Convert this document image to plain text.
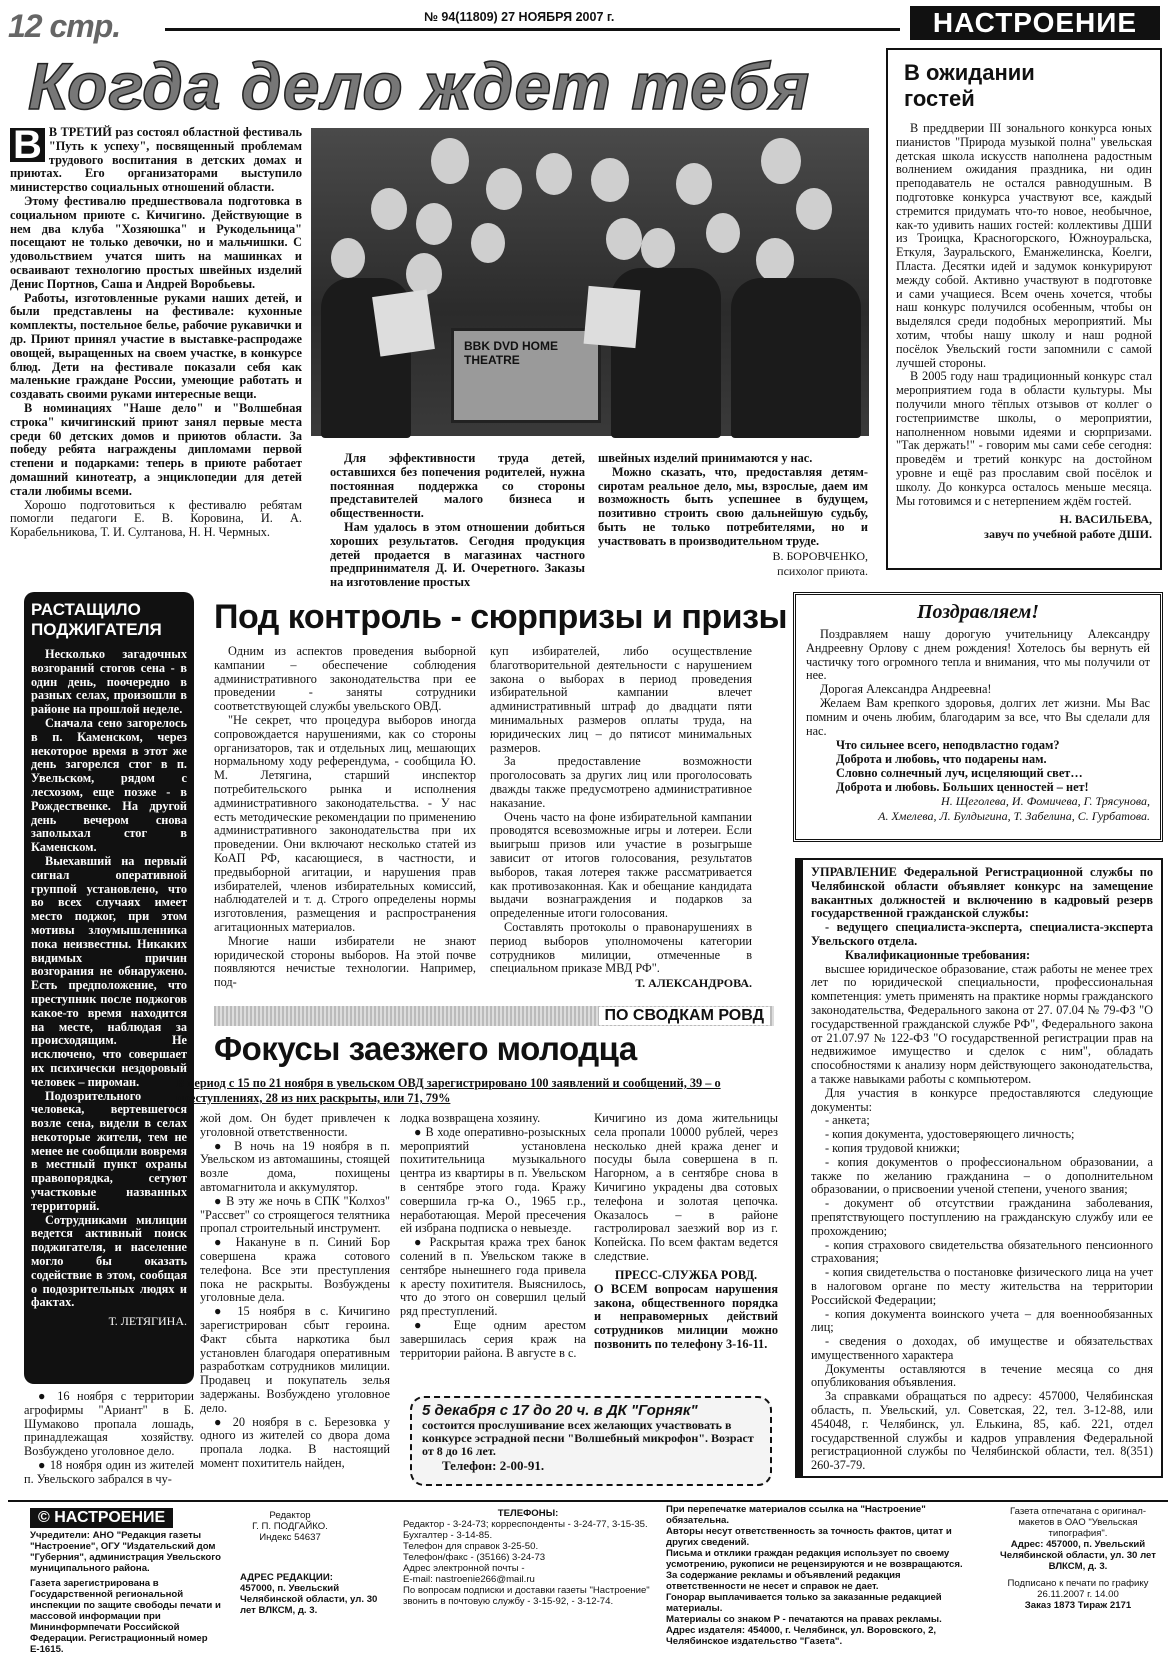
12 стр.	№ 94(11809) 27 НОЯБРЯ 2007 г.	НАСТРОЕНИЕ
Когда дело ждет тебя
В В ТРЕТИЙ раз состоял областной фестиваль "Путь к успеху", посвященный проблемам трудового воспитания в детских домах и приютах. Его организаторами выступило министерство социальных отношений области.

Этому фестивалю предшествовала подготовка в социальном приюте с. Кичигино. Действующие в нем два клуба "Хозяюшка" и Рукодельница" посещают не только девочки, но и мальчишки. С удовольствием учатся шить на машинках и осваивают технологию простых швейных изделий Денис Портнов, Саша и Андрей Воробьевы.

Работы, изготовленные руками наших детей, и были представлены на фестивале: кухонные комплекты, постельное белье, рабочие рукавички и др. Приют принял участие в выставке-распродаже овощей, выращенных на своем участке, в конкурсе блюд. Дети на фестивале показали себя как маленькие граждане России, умеющие работать и создавать своими руками интересные вещи.

В номинациях "Наше дело" и "Волшебная строка" кичигинский приют занял первые места среди 60 детских домов и приютов области. За победу ребята награждены дипломами первой степени и подарками: теперь в приюте работает домашний кинотеатр, а энциклопедии для детей стали любимы всеми.

Хорошо подготовиться к фестивалю ребятам помогли педагоги Е. В. Коровина, И. А. Корабельникова, Т. И. Султанова, Н. Н. Чермных.

BBK DVD HOME THEATRE

Для эффективности труда детей, оставшихся без попечения родителей, нужна постоянная поддержка со стороны представителей малого бизнеса и общественности.

Нам удалось в этом отношении добиться хороших результатов. Сегодня продукция детей продается в магазинах частного предпринимателя Д. И. Очеретного. Заказы на изготовление простых

швейных изделий принимаются у нас.

Можно сказать, что, предоставляя детям-сиротам реальное дело, мы, взрослые, даем им возможность быть успешнее в будущем, позитивно строить свою дальнейшую судьбу, быть не только потребителями, но и участвовать в производительном труде.

В. БОРОВЧЕНКО,
психолог приюта.
В ожидании гостей

В преддверии III зонального конкурса юных пианистов "Природа музыкой полна" увельская детская школа искусств наполнена радостным волнением ожидания праздника, ни один преподаватель не остался равнодушным. В подготовке конкурса участвуют все, каждый стремится придумать что-то новое, необычное, как-то удивить наших гостей: коллективы ДШИ из Троицка, Красногорского, Южноуральска, Еткуля, Зауральского, Еманжелинска, Коелги, Пласта. Десятки идей и задумок конкурируют между собой. Активно участвуют в подготовке и сами учащиеся. Всем очень хочется, чтобы наш конкурс получился особенным, чтобы он выделялся среди подобных мероприятий. Мы хотим, чтобы нашу школу и наш родной посёлок Увельский гости запомнили с самой лучшей стороны.

В 2005 году наш традиционный конкурс стал мероприятием года в области культуры. Мы получили много тёплых отзывов от коллег о гостеприимстве школы, о мероприятии, наполненном новыми идеями и сюрпризами. "Так держать!" - говорим мы сами себе сегодня: проведём и третий конкурс на достойном уровне и ещё раз прославим свой посёлок и школу. До конкурса осталось меньше месяца. Мы готовимся и с нетерпением ждём гостей.

Н. ВАСИЛЬЕВА,
завуч по учебной работе ДШИ.
РАСТАЩИЛО ПОДЖИГАТЕЛЯ

Несколько загадочных возгораний стогов сена - в один день, поочередно в разных селах, произошли в районе на прошлой неделе.

Сначала сено загорелось в п. Каменском, через некоторое время в этот же день загорелся стог в п. Увельском, рядом с лесхозом, еще позже - в Рождественке. На другой день вечером снова заполыхал стог в Каменском.

Выехавший на первый сигнал оперативной группой установлено, что во всех случаях имеет место поджог, при этом мотивы злоумышленника пока неизвестны. Никаких видимых причин возгорания не обнаружено. Есть предположение, что преступник после поджогов какое-то время находится на месте, наблюдая за происходящим. Не исключено, что совершает их психически нездоровый человек – пироман.

Подозрительного человека, вертевшегося возле сена, видели в селах некоторые жители, тем не менее не сообщили вовремя в местный пункт охраны правопорядка, сетуют участковые названных территорий.

Сотрудниками милиции ведется активный поиск поджигателя, и население могло бы оказать содействие в этом, сообщая о подозрительных людях и фактах.

Т. ЛЕТЯГИНА.
Под контроль - сюрпризы и призы

Одним из аспектов проведения выборной кампании – обеспечение соблюдения административного законодательства при ее проведении - заняты сотрудники соответствующей службы увельского ОВД.

"Не секрет, что процедура выборов иногда сопровождается нарушениями, как со стороны организаторов, так и отдельных лиц, мешающих нормальному ходу референдума, - сообщила Ю. М. Летягина, старший инспектор потребительского рынка и исполнения административного законодательства. - У нас есть методические рекомендации по применению административного законодательства при их проведении. Они включают несколько статей из КоАП РФ, касающиеся, в частности, и предвыборной агитации, и нарушения прав избирателей, членов избирательных комиссий, наблюдателей и т. д. Строго определены нормы изготовления, размещения и распространения агитационных материалов.

Многие наши избиратели не знают юридической стороны выборов. На этой почве появляются нечистые технологии. Например, под-

куп избирателей, либо осуществление благотворительной деятельности с нарушением закона о выборах в период проведения избирательной кампании влечет административный штраф до двадцати пяти минимальных размеров оплаты труда, на юридических лиц – до пятисот минимальных размеров.

За предоставление возможности проголосовать за других лиц или проголосовать дважды также предусмотрено административное наказание.

Очень часто на фоне избирательной кампании проводятся всевозможные игры и лотереи. Если выигрыш призов или участие в розыгрыше зависит от итогов голосования, результатов выборов, такая лотерея также рассматривается как противозаконная. Как и обещание кандидата выдачи вознаграждения и подарков за определенные итоги голосования.

Составлять протоколы о правонарушениях в период выборов уполномочены категории сотрудников милиции, отмеченные в специальном приказе МВД РФ".

Т. АЛЕКСАНДРОВА.
Поздравляем!

Поздравляем нашу дорогую учительницу Александру Андреевну Орлову с днем рождения! Хотелось бы вернуть ей частичку того огромного тепла и внимания, что мы получили от нее.

Дорогая Александра Андреевна!

Желаем Вам крепкого здоровья, долгих лет жизни. Мы Вас помним и очень любим, благодарим за все, что Вы сделали для нас.

Что сильнее всего, неподвластно годам?
Доброта и любовь, что подарены нам.
Словно солнечный луч, исцеляющий свет…
Доброта и любовь. Больших ценностей – нет!
Н. Щеголева, И. Фомичева, Г. Трясунова,
А. Хмелева, Л. Булдыгина, Т. Забелина, С. Гурбатова.

УПРАВЛЕНИЕ Федеральной Регистрационной службы по Челябинской области объявляет конкурс на замещение вакантных должностей и включению в кадровый резерв государственной гражданской службы:

- ведущего специалиста-эксперта, специалиста-эксперта Увельского отдела.

Квалификационные требования:

высшее юридическое образование, стаж работы не менее трех лет по юридической специальности, профессиональная компетенция: уметь применять на практике нормы гражданского законодательства, Федерального закона от 27. 07.04 № 79-ФЗ "О государственной гражданской службе РФ", Федерального закона от 21.07.97 № 122-ФЗ "О государственной регистрации прав на недвижимое имущество и сделок с ним", обладать способностями к анализу норм действующего законодательства, а также навыками работы с компьютером.

Для участия в конкурсе предоставляются следующие документы:

- анкета;

- копия документа, удостоверяющего личность;

- копия трудовой книжки;

- копия документов о профессиональном образовании, а также по желанию гражданина – о дополнительном образовании, о присвоении ученой степени, ученого звания;

- документ об отсутствии гражданина заболевания, препятствующего поступлению на гражданскую службу или ее прохождению;

- копия страхового свидетельства обязательного пенсионного страхования;

- копия свидетельства о постановке физического лица на учет в налоговом органе по месту жительства на территории Российской Федерации;

- копия документа воинского учета – для военнообязанных лиц;

- сведения о доходах, об имуществе и обязательствах имущественного характера

Документы оставляются в течение месяца со дня опубликования объявления.

За справками обращаться по адресу: 457000, Челябинская область, п. Увельский, ул. Советская, 22, тел. 3-12-88, или 454048, г. Челябинск, ул. Елькина, 85, каб. 221, отдел государственной службы и кадров управления Федеральной регистрационной службы по Челябинской области, тел. 8(351) 260-37-79.

ПО СВОДКАМ РОВД
Фокусы заезжего молодца
В период с 15 по 21 ноября в увельском ОВД зарегистрировано 100 заявлений и сообщений, 39 – о преступлениях, 28 из них раскрыты, или 71, 79%

● 16 ноября с территории агрофирмы "Ариант" в Б. Шумаково пропала лошадь, принадлежащая хозяйству. Возбуждено уголовное дело.

● 18 ноября один из жителей п. Увельского забрался в чу-

жой дом. Он будет привлечен к уголовной ответственности.

● В ночь на 19 ноября в п. Увельском из автомашины, стоящей возле дома, похищены автомагнитола и аккумулятор.

● В эту же ночь в СПК "Колхоз" "Рассвет" со строящегося телятника пропал строительный инструмент.

● Накануне в п. Синий Бор совершена кража сотового телефона. Все эти преступления пока не раскрыты. Возбуждены уголовные дела.

● 15 ноября в с. Кичигино зарегистрирован сбыт героина. Факт сбыта наркотика был установлен благодаря оперативным разработкам сотрудников милиции. Продавец и покупатель зелья задержаны. Возбуждено уголовное дело.

● 20 ноября в с. Березовка у одного из жителей со двора дома пропала лодка. В настоящий момент похититель найден,

лодка возвращена хозяину.

● В ходе оперативно-розыскных мероприятий установлена похитительница музыкального центра из квартиры в п. Увельском в сентябре этого года. Кражу совершила гр-ка О., 1965 г.р., неработающая. Мерой пресечения ей избрана подписка о невыезде.

● Раскрытая кража трех банок солений в п. Увельском также в сентябре нынешнего года привела к аресту похитителя. Выяснилось, что до этого он совершил целый ряд преступлений.

● Еще одним арестом завершилась серия краж на территории района. В августе в с.

Кичигино из дома жительницы села пропали 10000 рублей, через несколько дней кража денег и посуды была совершена в п. Нагорном, а в сентябре снова в Кичигино украдены два сотовых телефона и золотая цепочка. Оказалось – в районе гастролировал заезжий вор из г. Копейска. По всем фактам ведется следствие.

ПРЕСС-СЛУЖБА РОВД.

О ВСЕМ вопросам нарушения закона, общественного порядка и неправомерных действий сотрудников милиции можно позвонить по телефону 3-16-11.

5 декабря с 17 до 20 ч. в ДК "Горняк"
состоится прослушивание всех желающих участвовать в конкурсе эстрадной песни "Волшебный микрофон". Возраст от 8 до 16 лет.
Телефон: 2-00-91.
© НАСТРОЕНИЕ
Учредители: АНО "Редакция газеты "Настроение", ОГУ "Издательский дом "Губерния", администрация Увельского муниципального района.
Газета зарегистрирована в Государственной региональной инспекции по защите свободы печати и массовой информации при Мининформпечати Российской Федерации. Регистрационный номер Е-1615.
Редактор
Г. П. ПОДГАЙКО.
Индекс 54637
АДРЕС РЕДАКЦИИ:
457000, п. Увельский Челябинской области, ул. 30 лет ВЛКСМ, д. 3.
ТЕЛЕФОНЫ:
Редактор - 3-24-73; корреспонденты - 3-24-77, 3-15-35.
Бухгалтер - 3-14-85.
Телефон для справок 3-25-50.
Телефон/факс - (35166) 3-24-73
Адрес электронной почты -
E-mail: nastroenie266@mail.ru
По вопросам подписки и доставки газеты "Настроение"
звонить в почтовую службу - 3-15-92, - 3-12-74.
При перепечатке материалов ссылка на "Настроение" обязательна.
Авторы несут ответственность за точность фактов, цитат и других сведений.
Письма и отклики граждан редакция использует по своему усмотрению, рукописи не рецензируются и не возвращаются.
За содержание рекламы и объявлений редакция ответственности не несет и справок не дает.
Гонорар выплачивается только за заказанные редакцией материалы.
Материалы со знаком Р - печатаются на правах рекламы.
Адрес издателя: 454000, г. Челябинск, ул. Воровского, 2, Челябинское издательство "Газета".
Газета отпечатана с оригинал-макетов в ОАО "Увельская типография".
Адрес: 457000, п. Увельский Челябинской области, ул. 30 лет ВЛКСМ, д. 3.
Подписано к печати по графику 26.11.2007 г. 14.00
Заказ 1873 Тираж 2171
